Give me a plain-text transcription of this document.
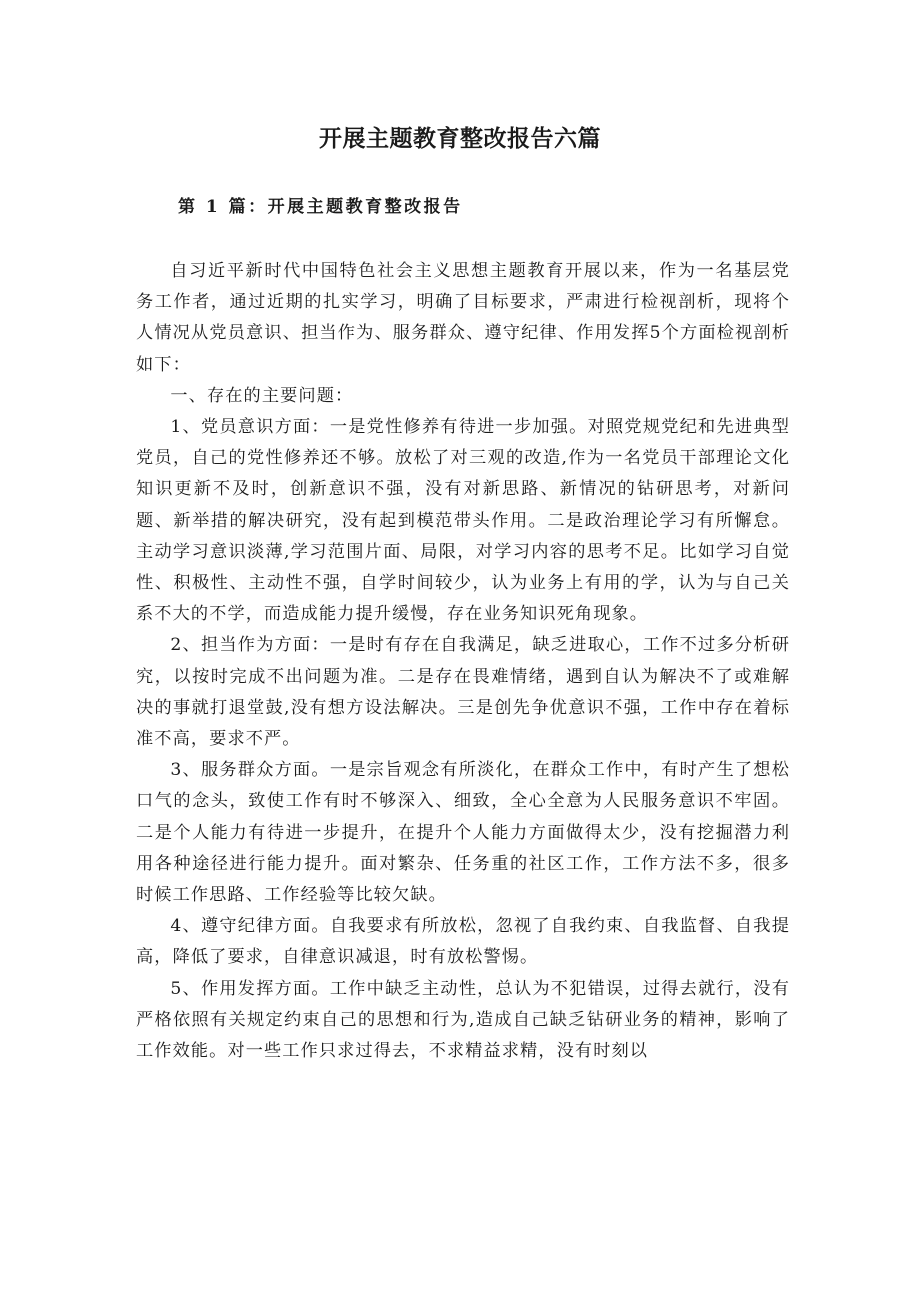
开展主题教育整改报告六篇
第 1 篇：开展主题教育整改报告

自习近平新时代中国特色社会主义思想主题教育开展以来，作为一名基层党务工作者，通过近期的扎实学习，明确了目标要求，严肃进行检视剖析，现将个人情况从党员意识、担当作为、服务群众、遵守纪律、作用发挥5个方面检视剖析如下：

一、存在的主要问题：

1、党员意识方面：一是党性修养有待进一步加强。对照党规党纪和先进典型党员，自己的党性修养还不够。放松了对三观的改造,作为一名党员干部理论文化知识更新不及时，创新意识不强，没有对新思路、新情况的钻研思考，对新问题、新举措的解决研究，没有起到模范带头作用。二是政治理论学习有所懈怠。主动学习意识淡薄,学习范围片面、局限，对学习内容的思考不足。比如学习自觉性、积极性、主动性不强，自学时间较少，认为业务上有用的学，认为与自己关系不大的不学，而造成能力提升缓慢，存在业务知识死角现象。

2、担当作为方面：一是时有存在自我满足，缺乏进取心，工作不过多分析研究，以按时完成不出问题为准。二是存在畏难情绪，遇到自认为解决不了或难解决的事就打退堂鼓,没有想方设法解决。三是创先争优意识不强，工作中存在着标准不高，要求不严。

3、服务群众方面。一是宗旨观念有所淡化，在群众工作中，有时产生了想松口气的念头，致使工作有时不够深入、细致，全心全意为人民服务意识不牢固。二是个人能力有待进一步提升，在提升个人能力方面做得太少，没有挖掘潜力利用各种途径进行能力提升。面对繁杂、任务重的社区工作，工作方法不多，很多时候工作思路、工作经验等比较欠缺。

4、遵守纪律方面。自我要求有所放松，忽视了自我约束、自我监督、自我提高，降低了要求，自律意识减退，时有放松警惕。

5、作用发挥方面。工作中缺乏主动性，总认为不犯错误，过得去就行，没有严格依照有关规定约束自己的思想和行为,造成自己缺乏钻研业务的精神，影响了工作效能。对一些工作只求过得去，不求精益求精，没有时刻以
